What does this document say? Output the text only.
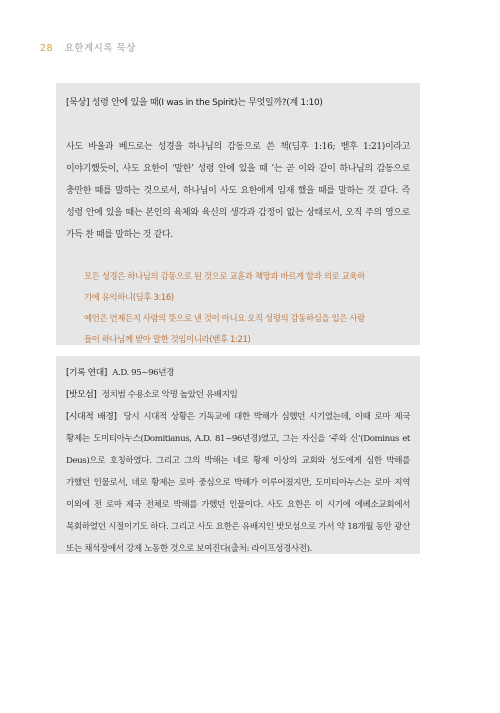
28 요한계시록 묵상
[묵상] 성령 안에 있을 때(I was in the Spirit)는 무엇일까?(계 1:10)
사도 바울과 베드로는 성경을 하나님의 감동으로 쓴 책(딤후 1:16; 벧후 1:21)이라고 이야기했듯이, 사도 요한이 ‘말한’ 성령 안에 있을 때 ’는 곧 이와 같이 하나님의 감동으로 충만한 때를 말하는 것으로서, 하나님이 사도 요한에게 임재 했을 때를 말하는 것 같다. 즉 성령 안에 있을 때는 본인의 육체와 육신의 생각과 감정이 없는 상태로서, 오직 주의 영으로 가득 찬 때를 말하는 것 같다.
모든 성경은 하나님의 감동으로 된 것으로 교훈과 책망과 바르게 함과 의로 교육하
기에 유익하니(딤후 3:16)
예언은 언제든지 사람의 뜻으로 낸 것이 아니요 오직 성령의 감동하심을 입은 사람
들이 하나님께 받아 말한 것임이니라(벧후 1:21)
[기록 연대] A.D. 95~96년경
[밧모섬] 정치범 수용소로 악명 높았던 유배지임
[시대적 배경] 당시 시대적 상황은 기독교에 대한 박해가 심했던 시기였는데, 이때 로마 제국 황제는 도미티아누스(Domitianus, A.D. 81~96년경)였고, 그는 자신을 ‘주와 신’(Dominus et Deus)으로 호칭하였다. 그리고 그의 박해는 네로 황제 이상의 교회와 성도에게 심한 박해를 가했던 인물로서, 네로 황제는 로마 중심으로 박해가 이루어졌지만, 도미티아누스는 로마 지역 이외에 전 로마 제국 전체로 박해를 가했던 인물이다. 사도 요한은 이 시기에 에베소교회에서 목회하였던 시절이기도 하다. 그리고 사도 요한은 유배지인 밧모섬으로 가서 약 18개월 동안 광산 또는 채석장에서 강제 노동한 것으로 보여진다(출처: 라이프성경사전).
